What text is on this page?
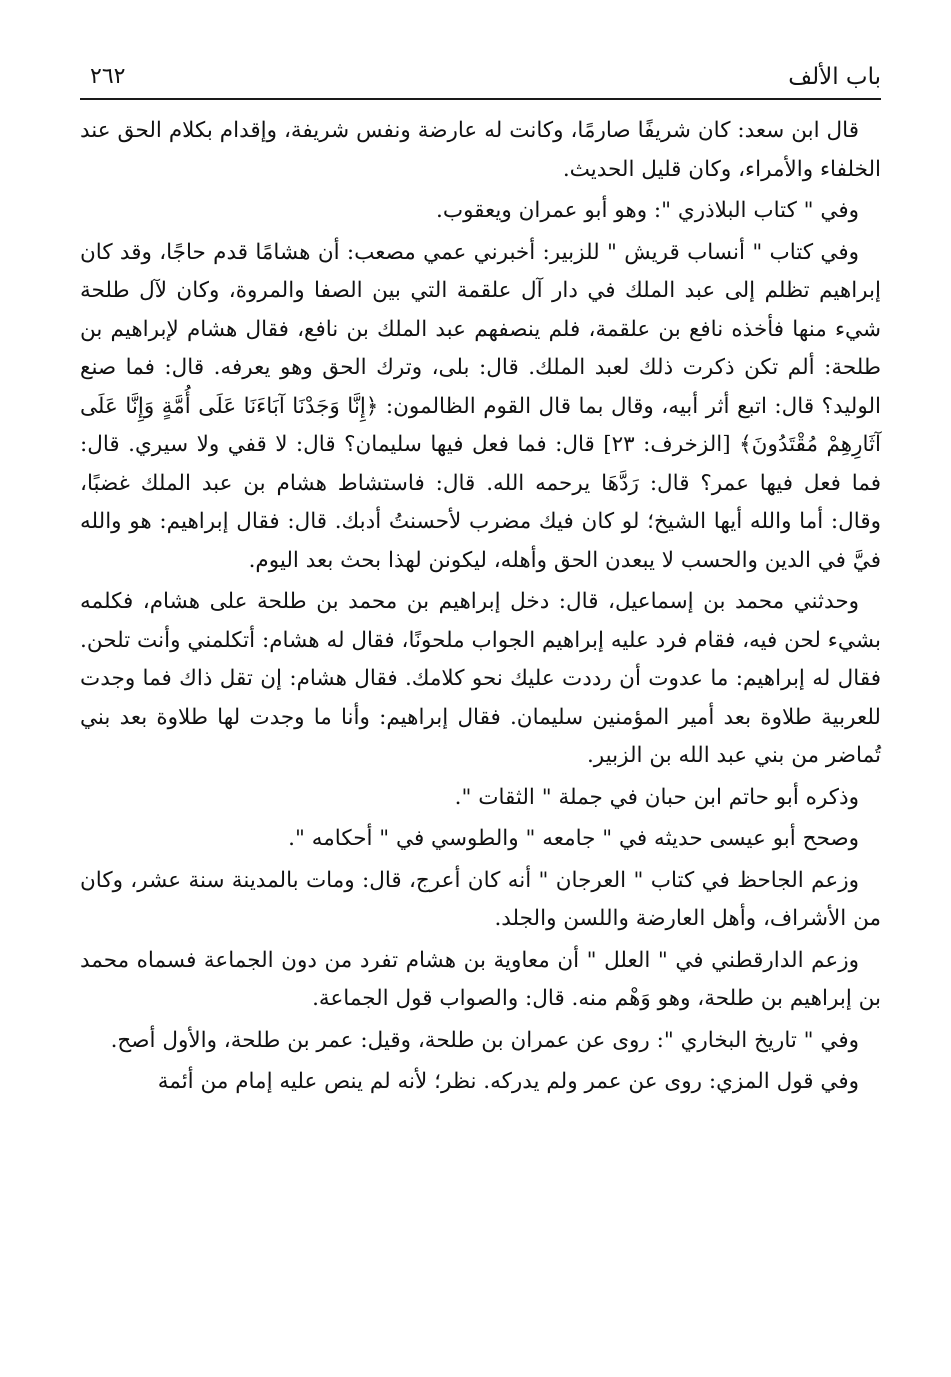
باب الألف
٢٦٢

قال ابن سعد: كان شريفًا صارمًا، وكانت له عارضة ونفس شريفة، وإقدام بكلام الحق عند الخلفاء والأمراء، وكان قليل الحديث.

وفي " كتاب البلاذري ": وهو أبو عمران ويعقوب.

وفي كتاب " أنساب قريش " للزبير: أخبرني عمي مصعب: أن هشامًا قدم حاجًا، وقد كان إبراهيم تظلم إلى عبد الملك في دار آل علقمة التي بين الصفا والمروة، وكان لآل طلحة شيء منها فأخذه نافع بن علقمة، فلم ينصفهم عبد الملك بن نافع، فقال هشام لإبراهيم بن طلحة: ألم تكن ذكرت ذلك لعبد الملك. قال: بلى، وترك الحق وهو يعرفه. قال: فما صنع الوليد؟ قال: اتبع أثر أبيه، وقال بما قال القوم الظالمون: ﴿إِنَّا وَجَدْنَا آبَاءَنَا عَلَى أُمَّةٍ وَإِنَّا عَلَى آثَارِهِمْ مُقْتَدُونَ﴾ [الزخرف: ٢٣] قال: فما فعل فيها سليمان؟ قال: لا قفي ولا سيري. قال: فما فعل فيها عمر؟ قال: رَدَّهَا يرحمه الله. قال: فاستشاط هشام بن عبد الملك غضبًا، وقال: أما والله أيها الشيخ؛ لو كان فيك مضرب لأحسنتُ أدبك. قال: فقال إبراهيم: هو والله فيَّ في الدين والحسب لا يبعدن الحق وأهله، ليكونن لهذا بحث بعد اليوم.

وحدثني محمد بن إسماعيل، قال: دخل إبراهيم بن محمد بن طلحة على هشام، فكلمه بشيء لحن فيه، فقام فرد عليه إبراهيم الجواب ملحونًا، فقال له هشام: أتكلمني وأنت تلحن. فقال له إبراهيم: ما عدوت أن رددت عليك نحو كلامك. فقال هشام: إن تقل ذاك فما وجدت للعربية طلاوة بعد أمير المؤمنين سليمان. فقال إبراهيم: وأنا ما وجدت لها طلاوة بعد بني تُماضر من بني عبد الله بن الزبير.

وذكره أبو حاتم ابن حبان في جملة " الثقات ".

وصحح أبو عيسى حديثه في " جامعه " والطوسي في " أحكامه ".

وزعم الجاحظ في كتاب " العرجان " أنه كان أعرج، قال: ومات بالمدينة سنة عشر، وكان من الأشراف، وأهل العارضة واللسن والجلد.

وزعم الدارقطني في " العلل " أن معاوية بن هشام تفرد من دون الجماعة فسماه محمد بن إبراهيم بن طلحة، وهو وَهْم منه. قال: والصواب قول الجماعة.

وفي " تاريخ البخاري ": روى عن عمران بن طلحة، وقيل: عمر بن طلحة، والأول أصح.

وفي قول المزي: روى عن عمر ولم يدركه. نظر؛ لأنه لم ينص عليه إمام من أئمة
